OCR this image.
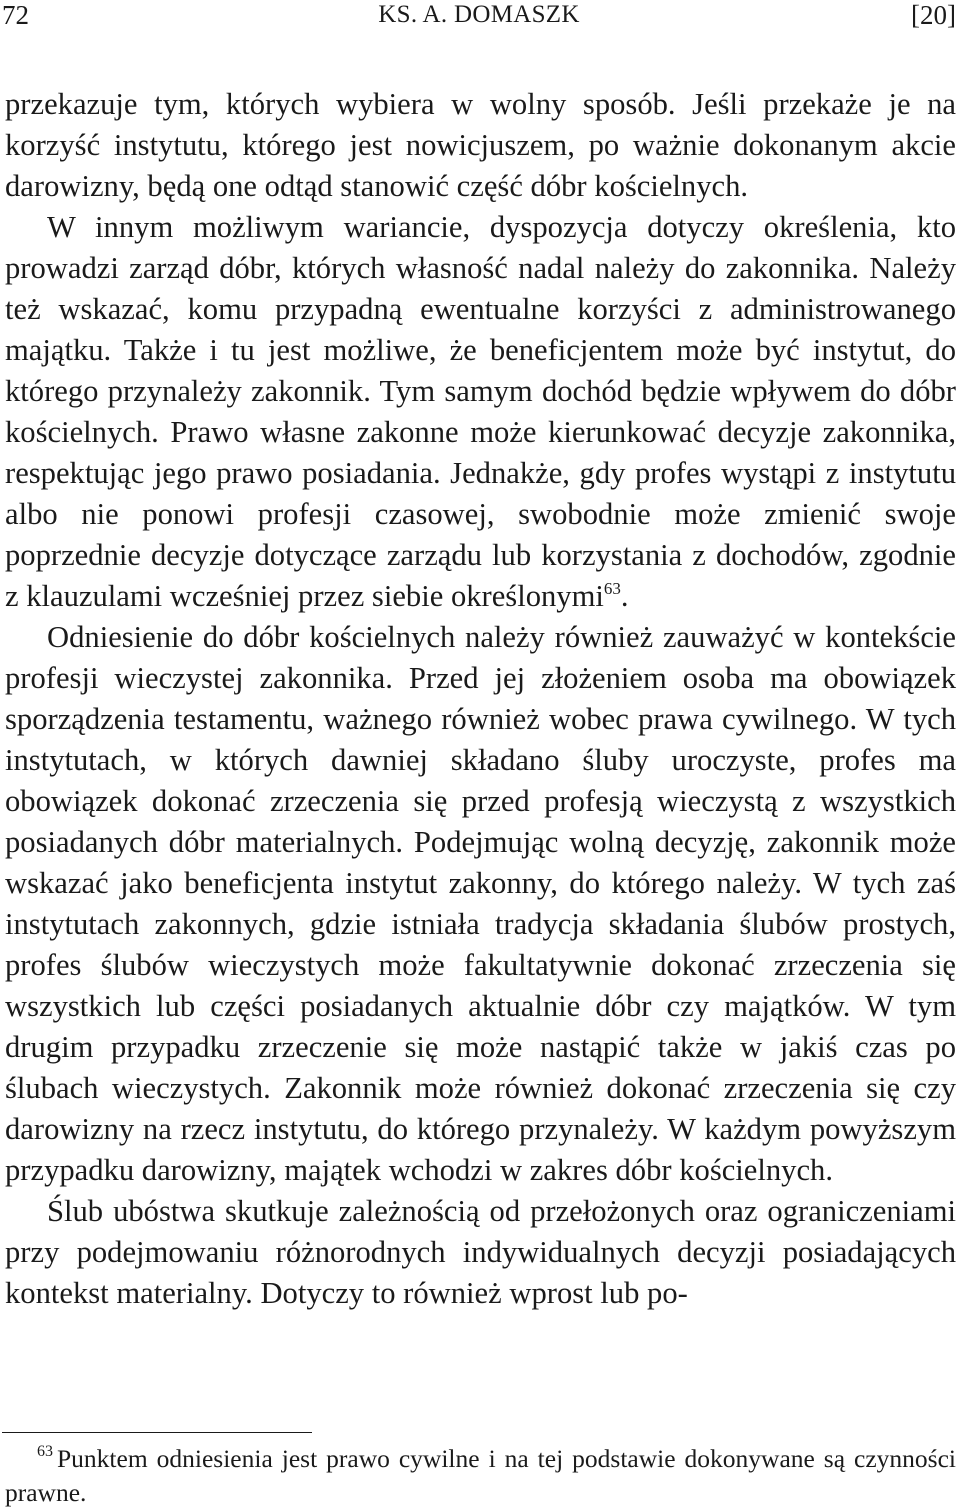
72	KS. A. DOMASZK	[20]

przekazuje tym, których wybiera w wolny sposób. Jeśli przekaże je na korzyść instytutu, którego jest nowicjuszem, po ważnie dokonanym akcie darowizny, będą one odtąd stanowić część dóbr kościelnych.

W innym możliwym wariancie, dyspozycja dotyczy określenia, kto prowadzi zarząd dóbr, których własność nadal należy do zakonnika. Należy też wskazać, komu przypadną ewentualne korzyści z administrowanego majątku. Także i tu jest możliwe, że beneficjentem może być instytut, do którego przynależy zakonnik. Tym samym dochód będzie wpływem do dóbr kościelnych. Prawo własne zakonne może kierunkować decyzje zakonnika, respektując jego prawo posiadania. Jednakże, gdy profes wystąpi z instytutu albo nie ponowi profesji czasowej, swobodnie może zmienić swoje poprzednie decyzje dotyczące zarządu lub korzystania z dochodów, zgodnie z klauzulami wcześniej przez siebie określonymi$^{63}$.

Odniesienie do dóbr kościelnych należy również zauważyć w kontekście profesji wieczystej zakonnika. Przed jej złożeniem osoba ma obowiązek sporządzenia testamentu, ważnego również wobec prawa cywilnego. W tych instytutach, w których dawniej składano śluby uroczyste, profes ma obowiązek dokonać zrzeczenia się przed profesją wieczystą z wszystkich posiadanych dóbr materialnych. Podejmując wolną decyzję, zakonnik może wskazać jako beneficjenta instytut zakonny, do którego należy. W tych zaś instytutach zakonnych, gdzie istniała tradycja składania ślubów prostych, profes ślubów wieczystych może fakultatywnie dokonać zrzeczenia się wszystkich lub części posiadanych aktualnie dóbr czy majątków. W tym drugim przypadku zrzeczenie się może nastąpić także w jakiś czas po ślubach wieczystych. Zakonnik może również dokonać zrzeczenia się czy darowizny na rzecz instytutu, do którego przynależy. W każdym powyższym przypadku darowizny, majątek wchodzi w zakres dóbr kościelnych.

Ślub ubóstwa skutkuje zależnością od przełożonych oraz ograniczeniami przy podejmowaniu różnorodnych indywidualnych decyzji posiadających kontekst materialny. Dotyczy to również wprost lub po-

$^{63}$ Punktem odniesienia jest prawo cywilne i na tej podstawie dokonywane są czynności prawne.
